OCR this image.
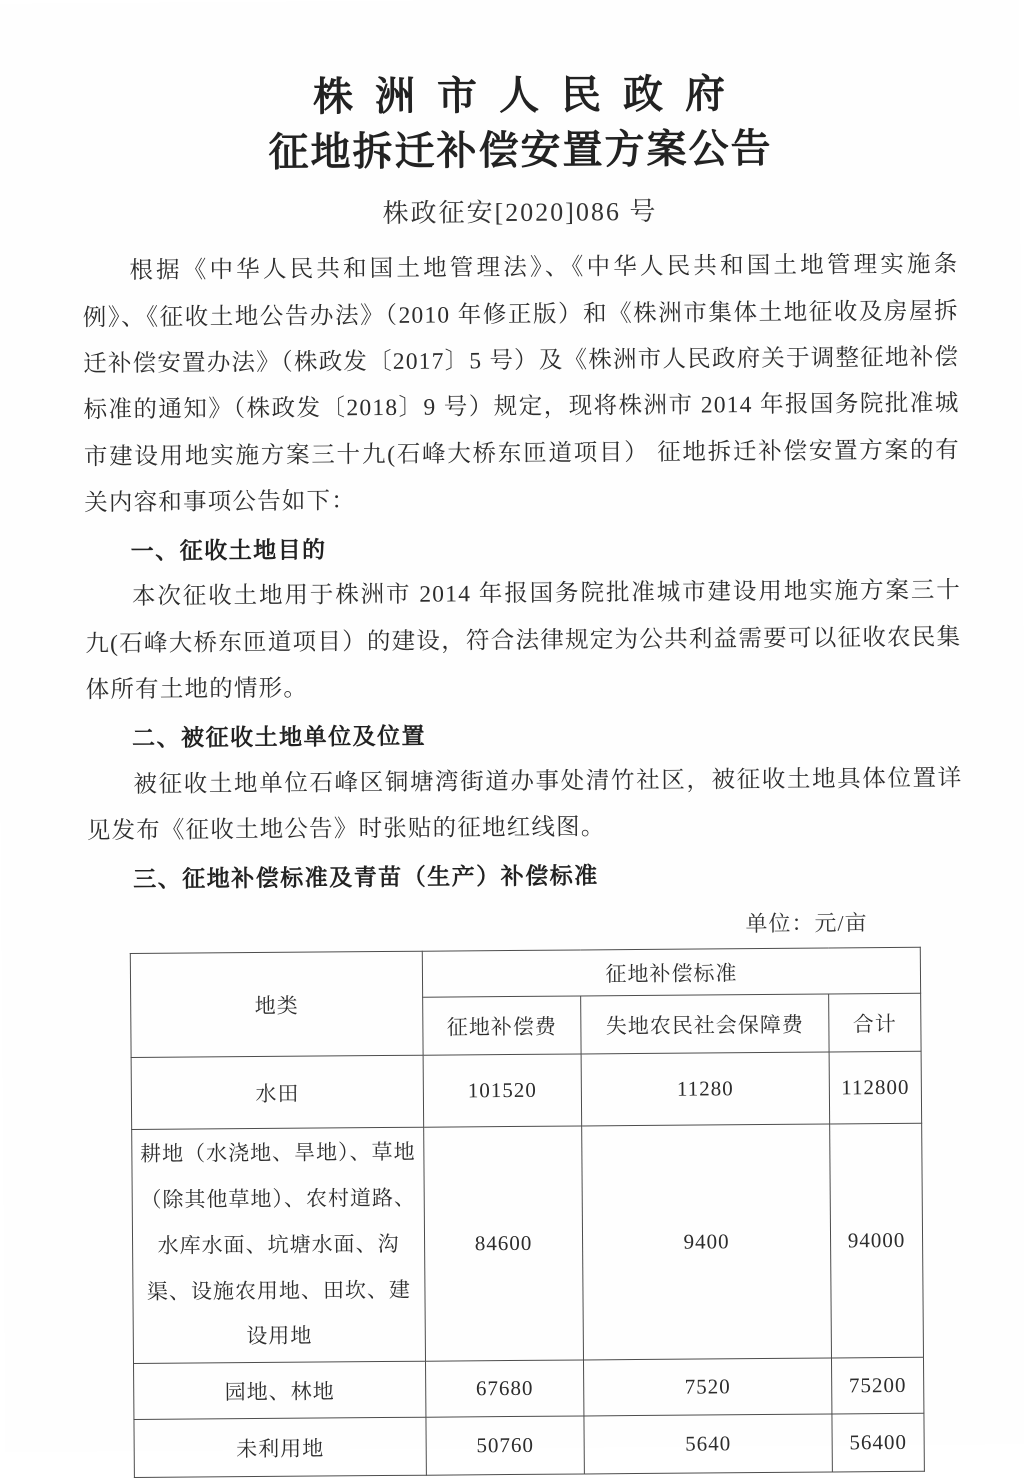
株洲市人民政府
征地拆迁补偿安置方案公告
株政征安[2020]086 号

根据《中华人民共和国土地管理法》、《中华人民共和国土地管理实施条例》、《征收土地公告办法》（2010 年修正版）和《株洲市集体土地征收及房屋拆迁补偿安置办法》（株政发〔2017〕5 号）及《株洲市人民政府关于调整征地补偿标准的通知》（株政发〔2018〕9 号）规定，现将株洲市 2014 年报国务院批准城市建设用地实施方案三十九(石峰大桥东匝道项目） 征地拆迁补偿安置方案的有关内容和事项公告如下：

一、征收土地目的

本次征收土地用于株洲市 2014 年报国务院批准城市建设用地实施方案三十九(石峰大桥东匝道项目）的建设，符合法律规定为公共利益需要可以征收农民集体所有土地的情形。

二、被征收土地单位及位置

被征收土地单位石峰区铜塘湾街道办事处清竹社区，被征收土地具体位置详见发布《征收土地公告》时张贴的征地红线图。

三、征地补偿标准及青苗（生产）补偿标准
单位：元/亩
地类	征地补偿标准		
	征地补偿费	失地农民社会保障费	合计
水田	101520	11280	112800
耕地（水浇地、旱地）、草地（除其他草地）、农村道路、水库水面、坑塘水面、沟渠、设施农用地、田坎、建设用地	84600	9400	94000
园地、林地	67680	7520	75200
未利用地	50760	5640	56400
